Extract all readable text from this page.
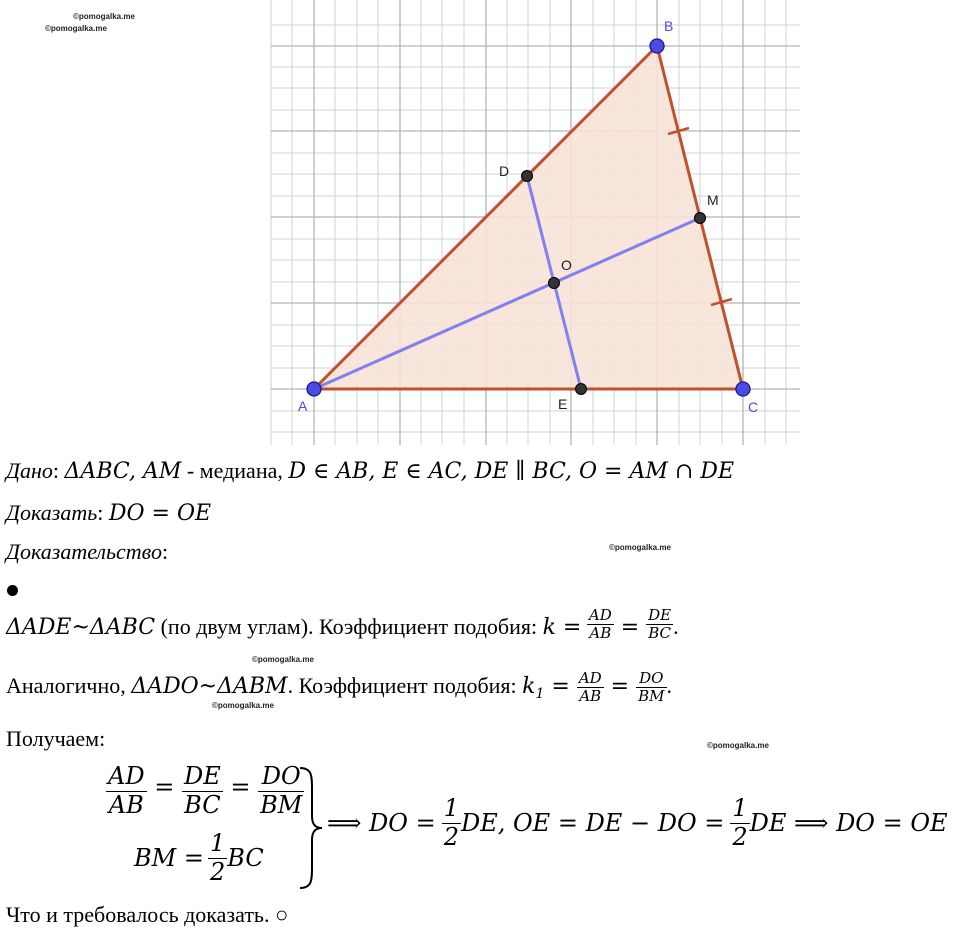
©pomogalka.me
©pomogalka.me
©pomogalka.me
©pomogalka.me
©pomogalka.me
©pomogalka.me
A
B
C
D
M
O
E
Дано: ΔABC, AM - медиана, D ∈ AB, E ∈ AC, DE ∥ BC, O = AM ∩ DE
Доказать: DO = OE
Доказательство:
ΔADE~ΔABC (по двум углам). Коэффициент подобия: $k = \frac{AD}{AB} = \frac{DE}{BC}$ .
Аналогично, ΔADO~ΔABM. Коэффициент подобия: $k_1 = \frac{AD}{AB} = \frac{DO}{BM}$ .
Получаем:
$\frac{AD}{AB} = \frac{DE}{BC} = \frac{DO}{BM}$
BM = $\frac{1}{2}$ BC
⟹ DO = $\frac{1}{2}$ DE, OE = DE − DO = $\frac{1}{2}$ DE ⟹ DO = OE
Что и требовалось доказать. ○
